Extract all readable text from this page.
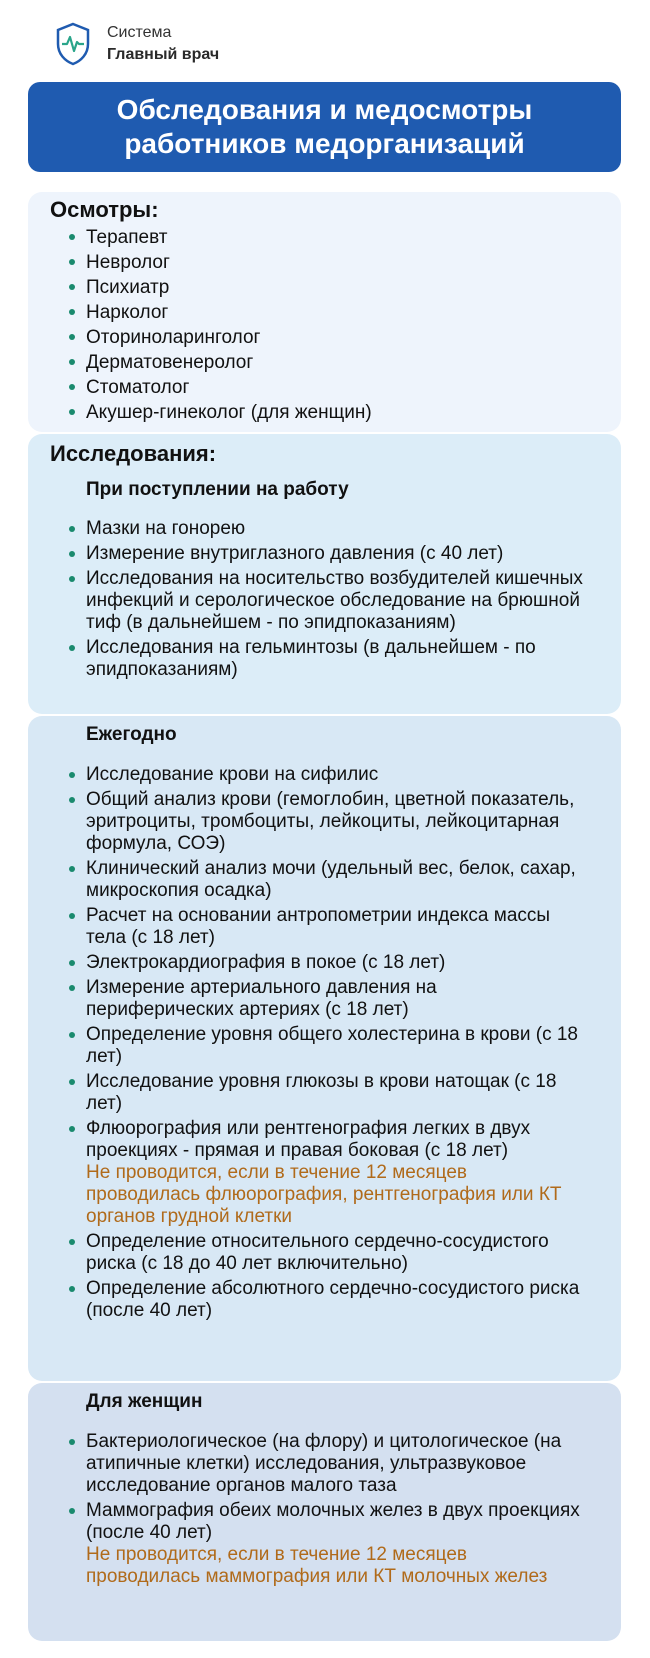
Система
Главный врач
Обследования и медосмотры
работников медорганизаций
Осмотры:
Терапевт
Невролог
Психиатр
Нарколог
Оториноларинголог
Дерматовенеролог
Стоматолог
Акушер-гинеколог (для женщин)
Исследования:
При поступлении на работу
Мазки на гонорею
Измерение внутриглазного давления (с 40 лет)
Исследования на носительство возбудителей кишечных инфекций и серологическое обследование на брюшной тиф (в дальнейшем - по эпидпоказаниям)
Исследования на гельминтозы (в дальнейшем - по эпидпоказаниям)
Ежегодно
Исследование крови на сифилис
Общий анализ крови (гемоглобин, цветной показатель, эритроциты, тромбоциты, лейкоциты, лейкоцитарная формула, СОЭ)
Клинический анализ мочи (удельный вес, белок, сахар, микроскопия осадка)
Расчет на основании антропометрии индекса массы тела (с 18 лет)
Электрокардиография в покое (с 18 лет)
Измерение артериального давления на периферических артериях (с 18 лет)
Определение уровня общего холестерина в крови (с 18 лет)
Исследование уровня глюкозы в крови натощак (с 18 лет)
Флюорография или рентгенография легких в двух проекциях - прямая и правая боковая (с 18 лет)
Не проводится, если в течение 12 месяцев проводилась флюорография, рентгенография или КТ органов грудной клетки
Определение относительного сердечно-сосудистого риска (с 18 до 40 лет включительно)
Определение абсолютного сердечно-сосудистого риска (после 40 лет)
Для женщин
Бактериологическое (на флору) и цитологическое (на атипичные клетки) исследования, ультразвуковое исследование органов малого таза
Маммография обеих молочных желез в двух проекциях (после 40 лет)
Не проводится, если в течение 12 месяцев проводилась маммография или КТ молочных желез
